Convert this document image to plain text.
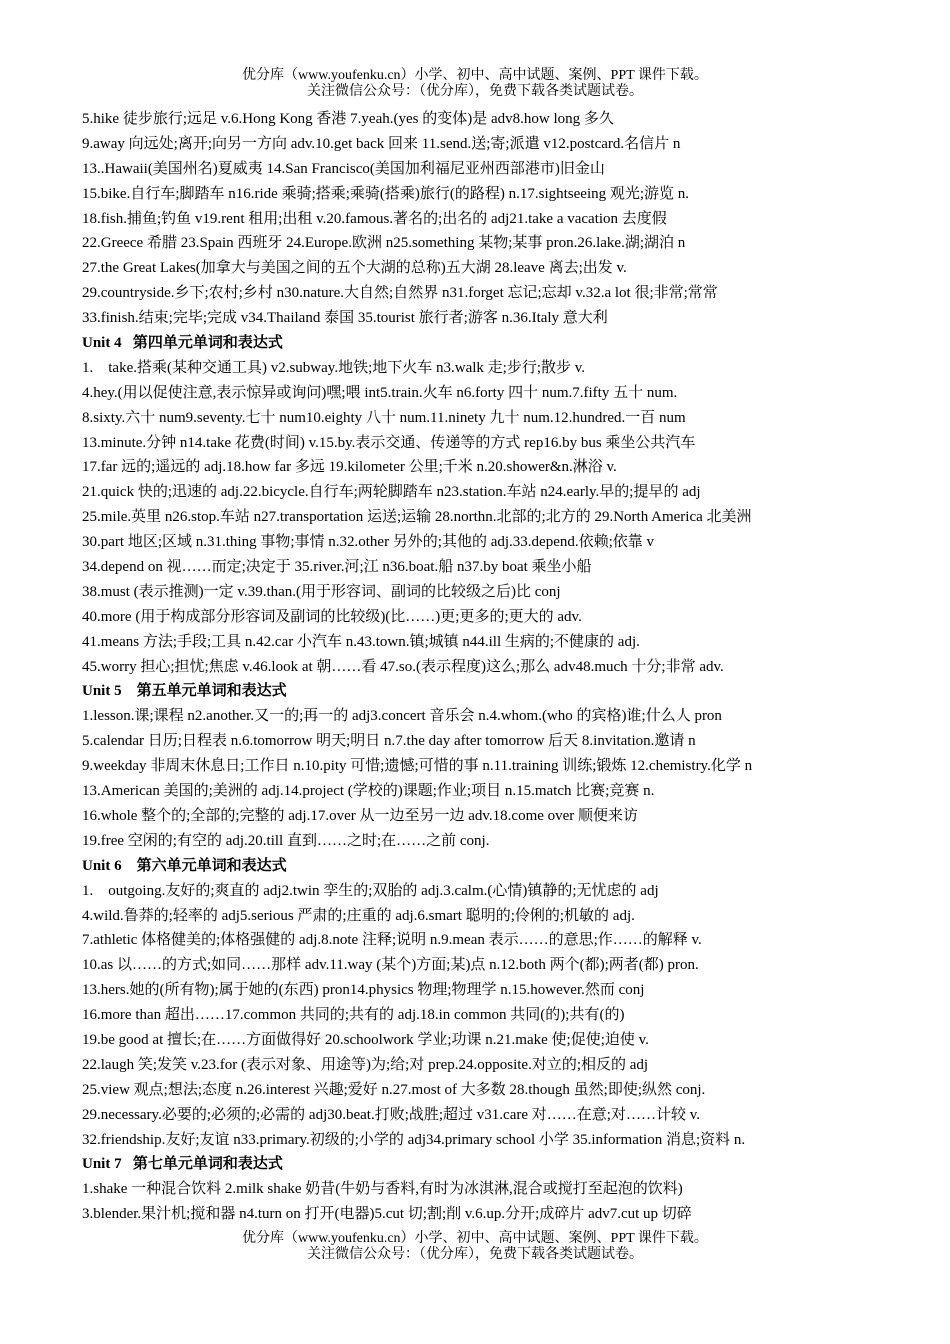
优分库（www.youfenku.cn）小学、初中、高中试题、案例、PPT 课件下载。
关注微信公众号：（优分库），免费下载各类试题试卷。
5.hike 徒步旅行;远足 v.6.Hong Kong 香港 7.yeah.(yes 的变体)是 adv8.how long 多久
9.away 向远处;离开;向另一方向 adv.10.get back 回来 11.send.送;寄;派遣 v12.postcard.名信片 n
13..Hawaii(美国州名)夏威夷 14.San Francisco(美国加利福尼亚州西部港市)旧金山
15.bike.自行车;脚踏车 n16.ride 乘骑;搭乘;乘骑(搭乘)旅行(的路程) n.17.sightseeing 观光;游览 n.
18.fish.捕鱼;钓鱼 v19.rent 租用;出租 v.20.famous.著名的;出名的 adj21.take a vacation 去度假
22.Greece 希腊 23.Spain 西班牙 24.Europe.欧洲 n25.something 某物;某事 pron.26.lake.湖;湖泊 n
27.the Great Lakes(加拿大与美国之间的五个大湖的总称)五大湖 28.leave 离去;出发 v.
29.countryside.乡下;农村;乡村 n30.nature.大自然;自然界 n31.forget 忘记;忘却 v.32.a lot 很;非常;常常
33.finish.结束;完毕;完成 v34.Thailand 泰国 35.tourist 旅行者;游客 n.36.Italy 意大利
Unit 4   第四单元单词和表达式
1.    take.搭乘(某种交通工具) v2.subway.地铁;地下火车 n3.walk 走;步行;散步 v.
4.hey.(用以促使注意,表示惊异或询问)嘿;喂 int5.train.火车 n6.forty 四十 num.7.fifty 五十 num.
8.sixty.六十 num9.seventy.七十 num10.eighty 八十 num.11.ninety 九十 num.12.hundred.一百 num
13.minute.分钟 n14.take 花费(时间) v.15.by.表示交通、传递等的方式 rep16.by bus 乘坐公共汽车
17.far 远的;遥远的 adj.18.how far 多远 19.kilometer 公里;千米 n.20.shower&n.淋浴 v.
21.quick 快的;迅速的 adj.22.bicycle.自行车;两轮脚踏车 n23.station.车站 n24.early.早的;提早的 adj
25.mile.英里 n26.stop.车站 n27.transportation 运送;运输 28.northn.北部的;北方的 29.North America 北美洲
30.part 地区;区域 n.31.thing 事物;事情 n.32.other 另外的;其他的 adj.33.depend.依赖;依靠 v
34.depend on 视……而定;决定于 35.river.河;江 n36.boat.船 n37.by boat 乘坐小船
38.must (表示推测)一定 v.39.than.(用于形容词、副词的比较级之后)比 conj
40.more (用于构成部分形容词及副词的比较级)(比……)更;更多的;更大的 adv.
41.means 方法;手段;工具 n.42.car 小汽车 n.43.town.镇;城镇 n44.ill 生病的;不健康的 adj.
45.worry 担心;担忧;焦虑 v.46.look at 朝……看 47.so.(表示程度)这么;那么 adv48.much 十分;非常 adv.
Unit 5    第五单元单词和表达式
1.lesson.课;课程 n2.another.又一的;再一的 adj3.concert 音乐会 n.4.whom.(who 的宾格)谁;什么人 pron
5.calendar 日历;日程表 n.6.tomorrow 明天;明日 n.7.the day after tomorrow 后天 8.invitation.邀请 n
9.weekday 非周末休息日;工作日 n.10.pity 可惜;遗憾;可惜的事 n.11.training 训练;锻炼 12.chemistry.化学 n
13.American 美国的;美洲的 adj.14.project (学校的)课题;作业;项目 n.15.match 比赛;竞赛 n.
16.whole 整个的;全部的;完整的 adj.17.over 从一边至另一边 adv.18.come over 顺便来访
19.free 空闲的;有空的 adj.20.till 直到……之时;在……之前 conj.
Unit 6    第六单元单词和表达式
1.    outgoing.友好的;爽直的 adj2.twin 孪生的;双胎的 adj.3.calm.(心情)镇静的;无忧虑的 adj
4.wild.鲁莽的;轻率的 adj5.serious 严肃的;庄重的 adj.6.smart 聪明的;伶俐的;机敏的 adj.
7.athletic 体格健美的;体格强健的 adj.8.note 注释;说明 n.9.mean 表示……的意思;作……的解释 v.
10.as 以……的方式;如同……那样 adv.11.way (某个)方面;某)点 n.12.both 两个(都);两者(都) pron.
13.hers.她的(所有物);属于她的(东西) pron14.physics 物理;物理学 n.15.however.然而 conj
16.more than 超出……17.common 共同的;共有的 adj.18.in common 共同(的);共有(的)
19.be good at 擅长;在……方面做得好 20.schoolwork 学业;功课 n.21.make 使;促使;迫使 v.
22.laugh 笑;发笑 v.23.for (表示对象、用途等)为;给;对 prep.24.opposite.对立的;相反的 adj
25.view 观点;想法;态度 n.26.interest 兴趣;爱好 n.27.most of 大多数 28.though 虽然;即使;纵然 conj.
29.necessary.必要的;必须的;必需的 adj30.beat.打败;战胜;超过 v31.care 对……在意;对……计较 v.
32.friendship.友好;友谊 n33.primary.初级的;小学的 adj34.primary school 小学 35.information 消息;资料 n.
Unit 7   第七单元单词和表达式
1.shake 一种混合饮料 2.milk shake 奶昔(牛奶与香料,有时为冰淇淋,混合或搅打至起泡的饮料)
3.blender.果汁机;搅和器 n4.turn on 打开(电器)5.cut 切;割;削 v.6.up.分开;成碎片 adv7.cut up 切碎
优分库（www.youfenku.cn）小学、初中、高中试题、案例、PPT 课件下载。
关注微信公众号：（优分库），免费下载各类试题试卷。
